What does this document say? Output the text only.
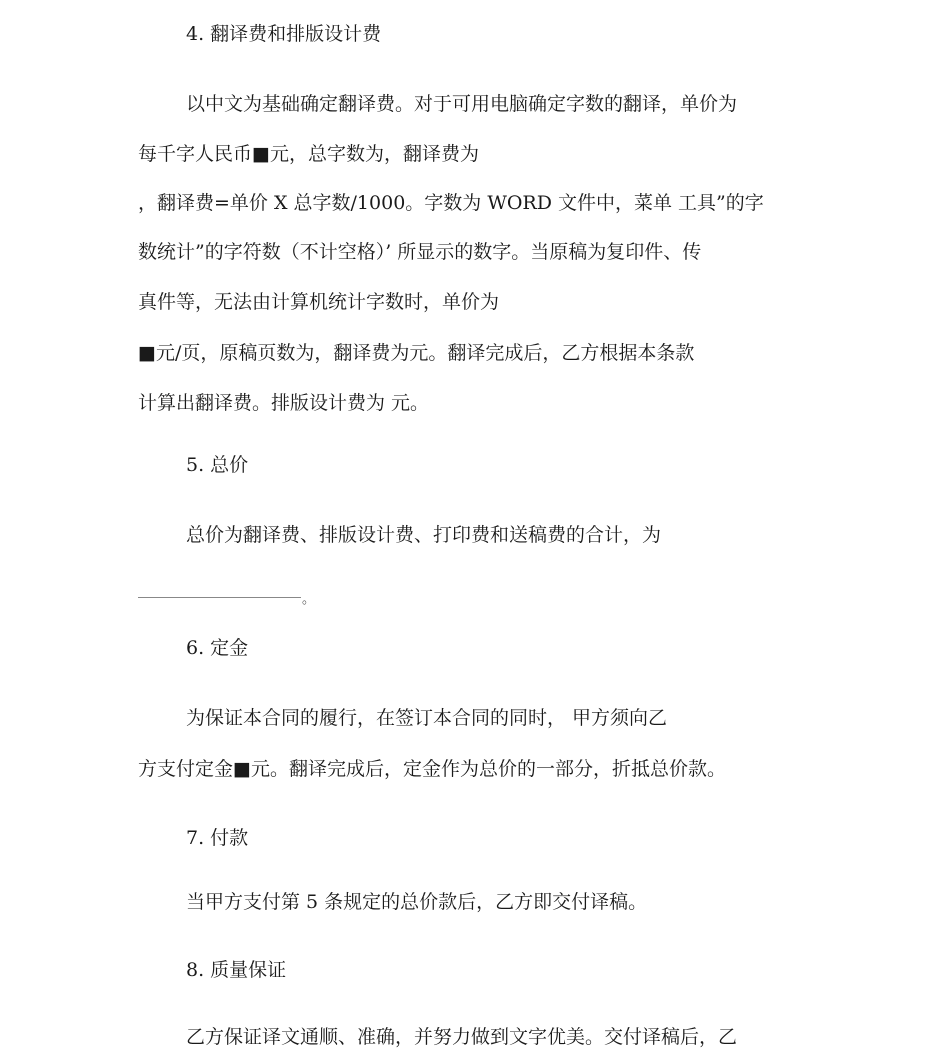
4. 翻译费和排版设计费
以中文为基础确定翻译费。对于可用电脑确定字数的翻译，单价为
每千字人民币■元，总字数为，翻译费为
，翻译费=单价 X 总字数/1000。字数为 WORD 文件中，菜单 工具”的字
数统计”的字符数（不计空格）’ 所显示的数字。当原稿为复印件、传
真件等，无法由计算机统计字数时，单价为
■元/页，原稿页数为，翻译费为元。翻译完成后，乙方根据本条款
计算出翻译费。排版设计费为 元。
5. 总价
总价为翻译费、排版设计费、打印费和送稿费的合计，为
。
6. 定金
为保证本合同的履行，在签订本合同的同时， 甲方须向乙
方支付定金■元。翻译完成后，定金作为总价的一部分，折抵总价款。
7. 付款
当甲方支付第 5 条规定的总价款后，乙方即交付译稿。
8. 质量保证
乙方保证译文通顺、准确，并努力做到文字优美。交付译稿后，乙
